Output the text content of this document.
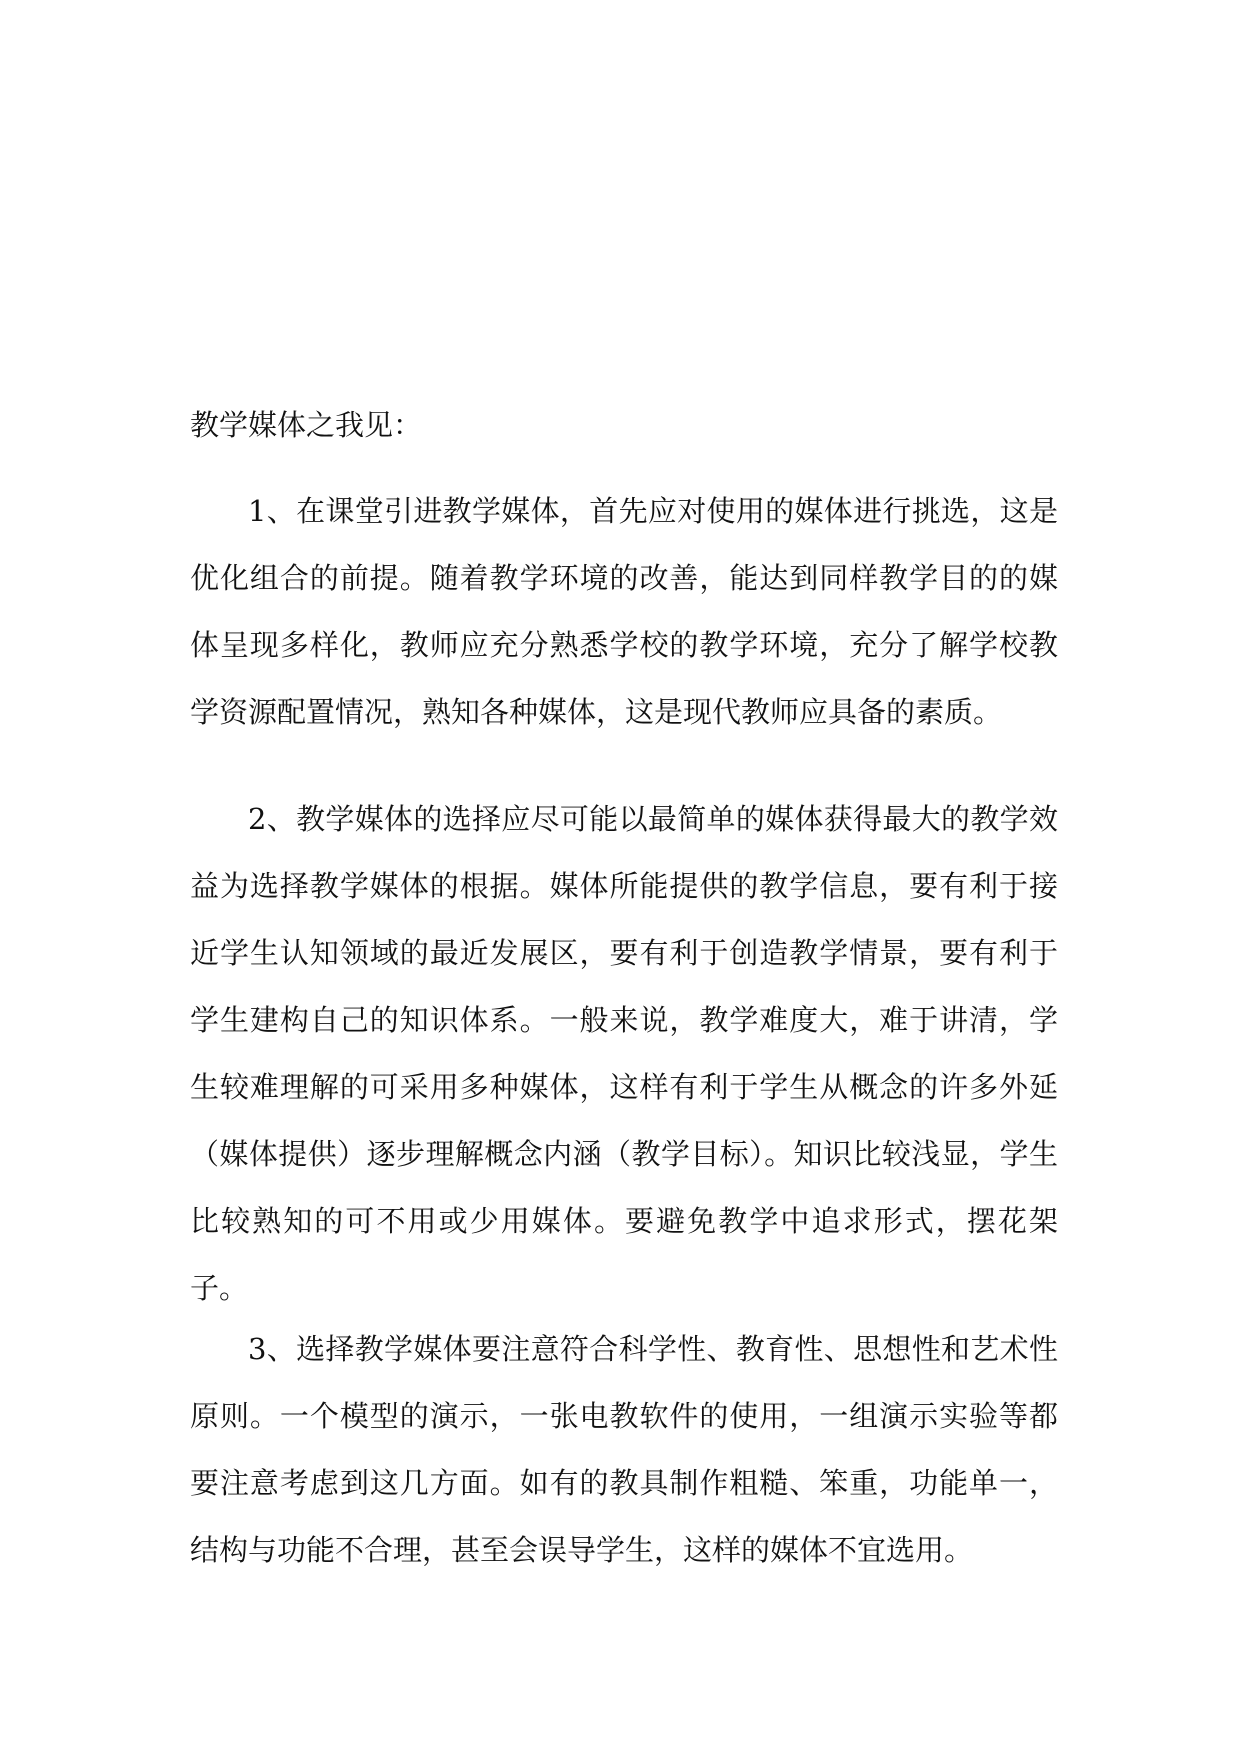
教学媒体之我见：

1、在课堂引进教学媒体，首先应对使用的媒体进行挑选，这是优化组合的前提。随着教学环境的改善，能达到同样教学目的的媒体呈现多样化，教师应充分熟悉学校的教学环境，充分了解学校教学资源配置情况，熟知各种媒体，这是现代教师应具备的素质。

2、教学媒体的选择应尽可能以最简单的媒体获得最大的教学效益为选择教学媒体的根据。媒体所能提供的教学信息，要有利于接近学生认知领域的最近发展区，要有利于创造教学情景，要有利于学生建构自己的知识体系。一般来说，教学难度大，难于讲清，学生较难理解的可采用多种媒体，这样有利于学生从概念的许多外延（媒体提供）逐步理解概念内涵（教学目标）。知识比较浅显，学生比较熟知的可不用或少用媒体。要避免教学中追求形式，摆花架子。

3、选择教学媒体要注意符合科学性、教育性、思想性和艺术性原则。一个模型的演示，一张电教软件的使用，一组演示实验等都要注意考虑到这几方面。如有的教具制作粗糙、笨重，功能单一，结构与功能不合理，甚至会误导学生，这样的媒体不宜选用。
